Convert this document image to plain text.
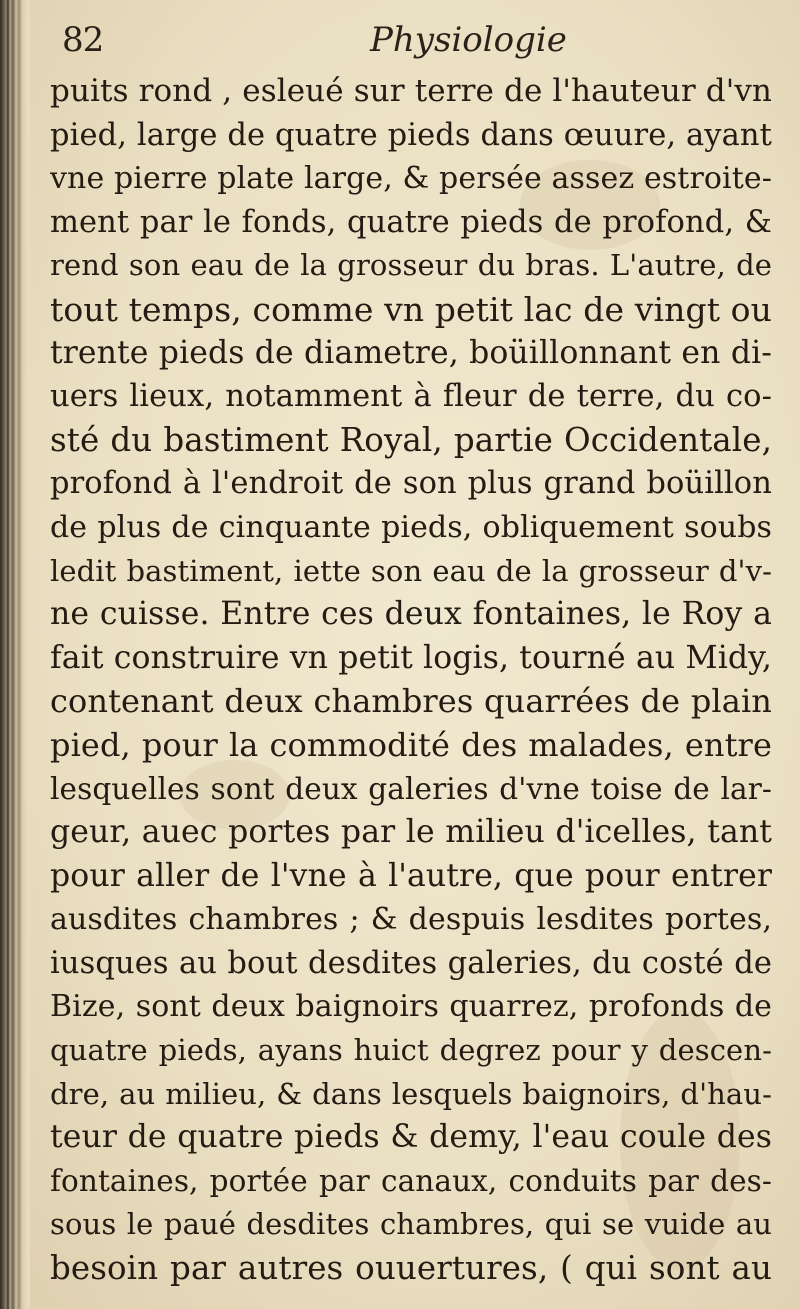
82	Physiologie
puits rond , esleué sur terre de l'hauteur d'vn
pied, large de quatre pieds dans œuure, ayant
vne pierre plate large, & persée assez estroite-
ment par le fonds, quatre pieds de profond, &
rend son eau de la grosseur du bras. L'autre, de
tout temps, comme vn petit lac de vingt ou
trente pieds de diametre, boüillonnant en di-
uers lieux, notamment à fleur de terre, du co-
sté du bastiment Royal, partie Occidentale,
profond à l'endroit de son plus grand boüillon
de plus de cinquante pieds, obliquement soubs
ledit bastiment, iette son eau de la grosseur d'v-
ne cuisse. Entre ces deux fontaines, le Roy a
fait construire vn petit logis, tourné au Midy,
contenant deux chambres quarrées de plain
pied, pour la commodité des malades, entre
lesquelles sont deux galeries d'vne toise de lar-
geur, auec portes par le milieu d'icelles, tant
pour aller de l'vne à l'autre, que pour entrer
ausdites chambres ; & despuis lesdites portes,
iusques au bout desdites galeries, du costé de
Bize, sont deux baignoirs quarrez, profonds de
quatre pieds, ayans huict degrez pour y descen-
dre, au milieu, & dans lesquels baignoirs, d'hau-
teur de quatre pieds & demy, l'eau coule des
fontaines, portée par canaux, conduits par des-
sous le paué desdites chambres, qui se vuide au
besoin par autres ouuertures, ( qui sont au
